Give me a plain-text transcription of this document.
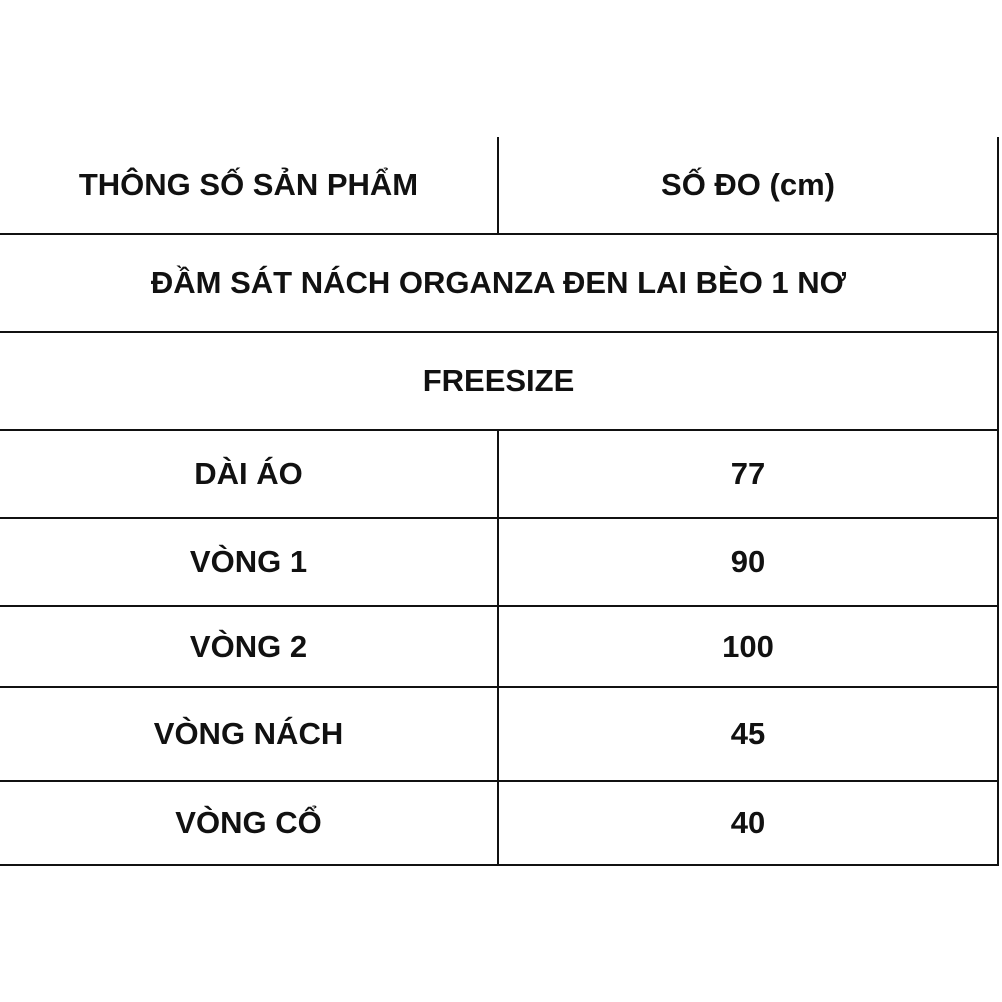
THÔNG SỐ SẢN PHẨM	SỐ ĐO (cm)
ĐẦM SÁT NÁCH ORGANZA ĐEN LAI BÈO 1 NƠ	
FREESIZE	
DÀI ÁO	77
VÒNG 1	90
VÒNG 2	100
VÒNG NÁCH	45
VÒNG CỔ	40
